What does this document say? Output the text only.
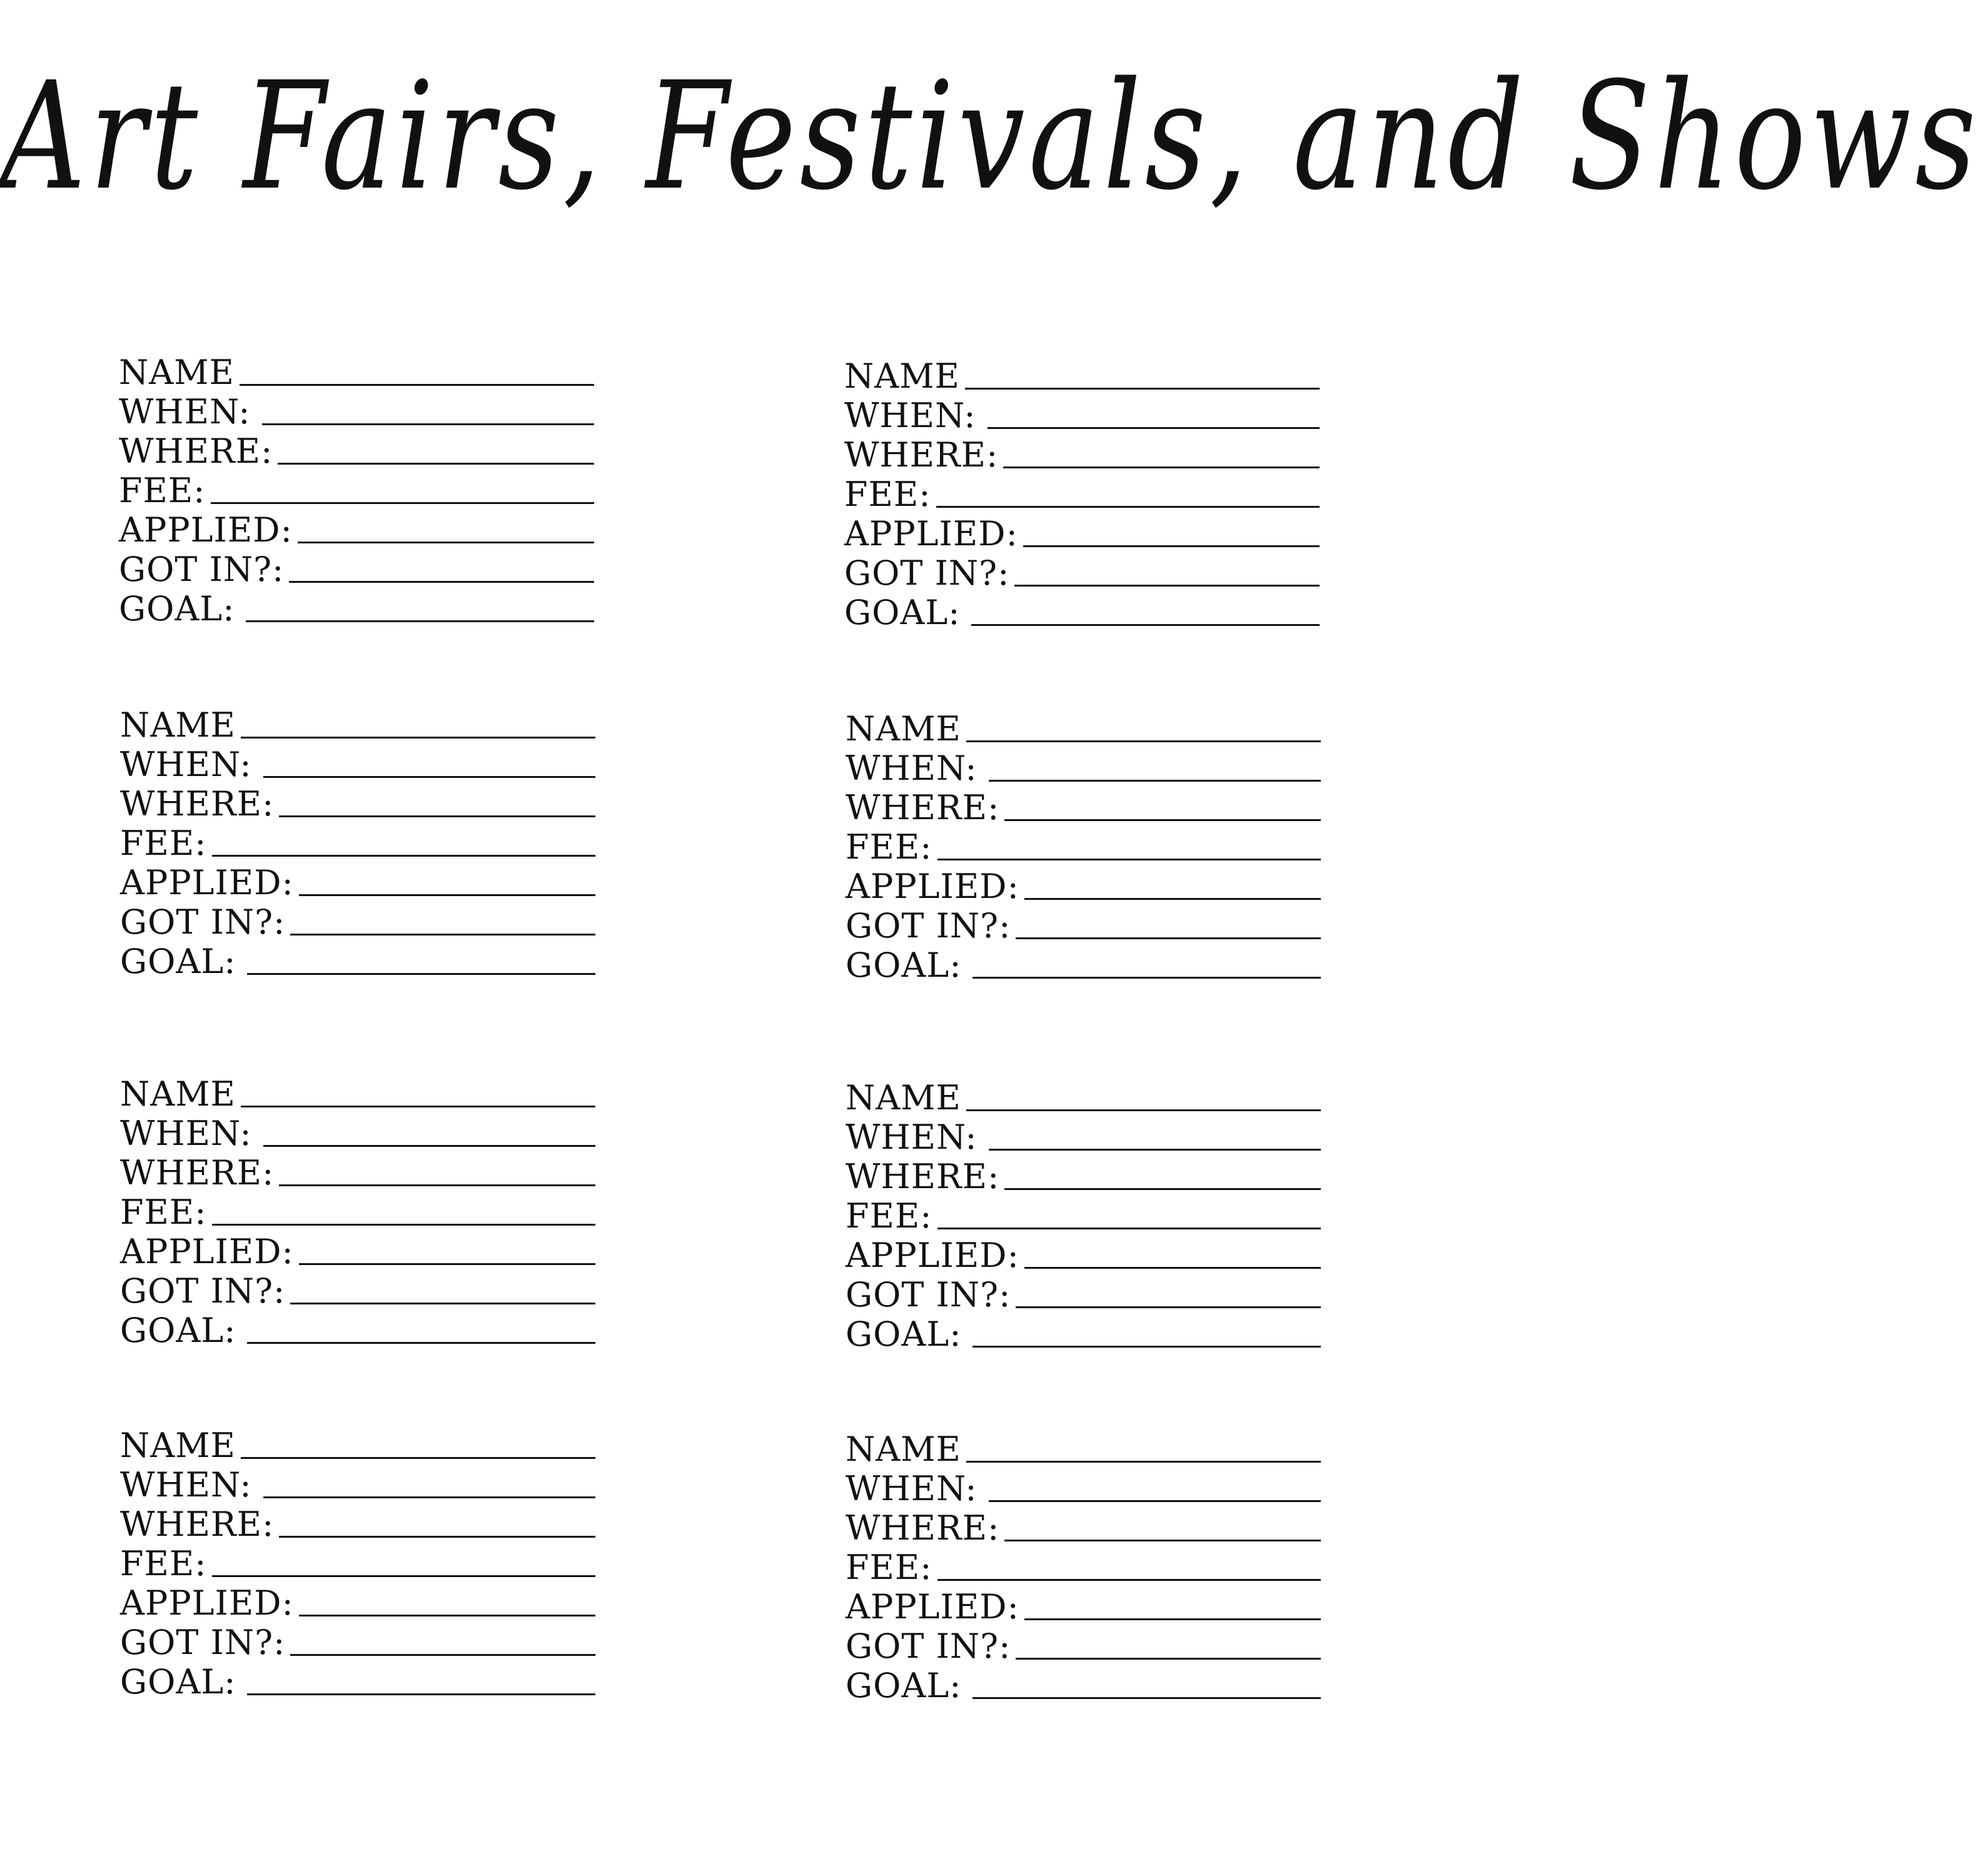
Art Fairs, Festivals, and Shows
NAME
WHEN:
WHERE:
FEE:
APPLIED:
GOT IN?:
GOAL:
NAME
WHEN:
WHERE:
FEE:
APPLIED:
GOT IN?:
GOAL:
NAME
WHEN:
WHERE:
FEE:
APPLIED:
GOT IN?:
GOAL:
NAME
WHEN:
WHERE:
FEE:
APPLIED:
GOT IN?:
GOAL:
NAME
WHEN:
WHERE:
FEE:
APPLIED:
GOT IN?:
GOAL:
NAME
WHEN:
WHERE:
FEE:
APPLIED:
GOT IN?:
GOAL:
NAME
WHEN:
WHERE:
FEE:
APPLIED:
GOT IN?:
GOAL:
NAME
WHEN:
WHERE:
FEE:
APPLIED:
GOT IN?:
GOAL:
